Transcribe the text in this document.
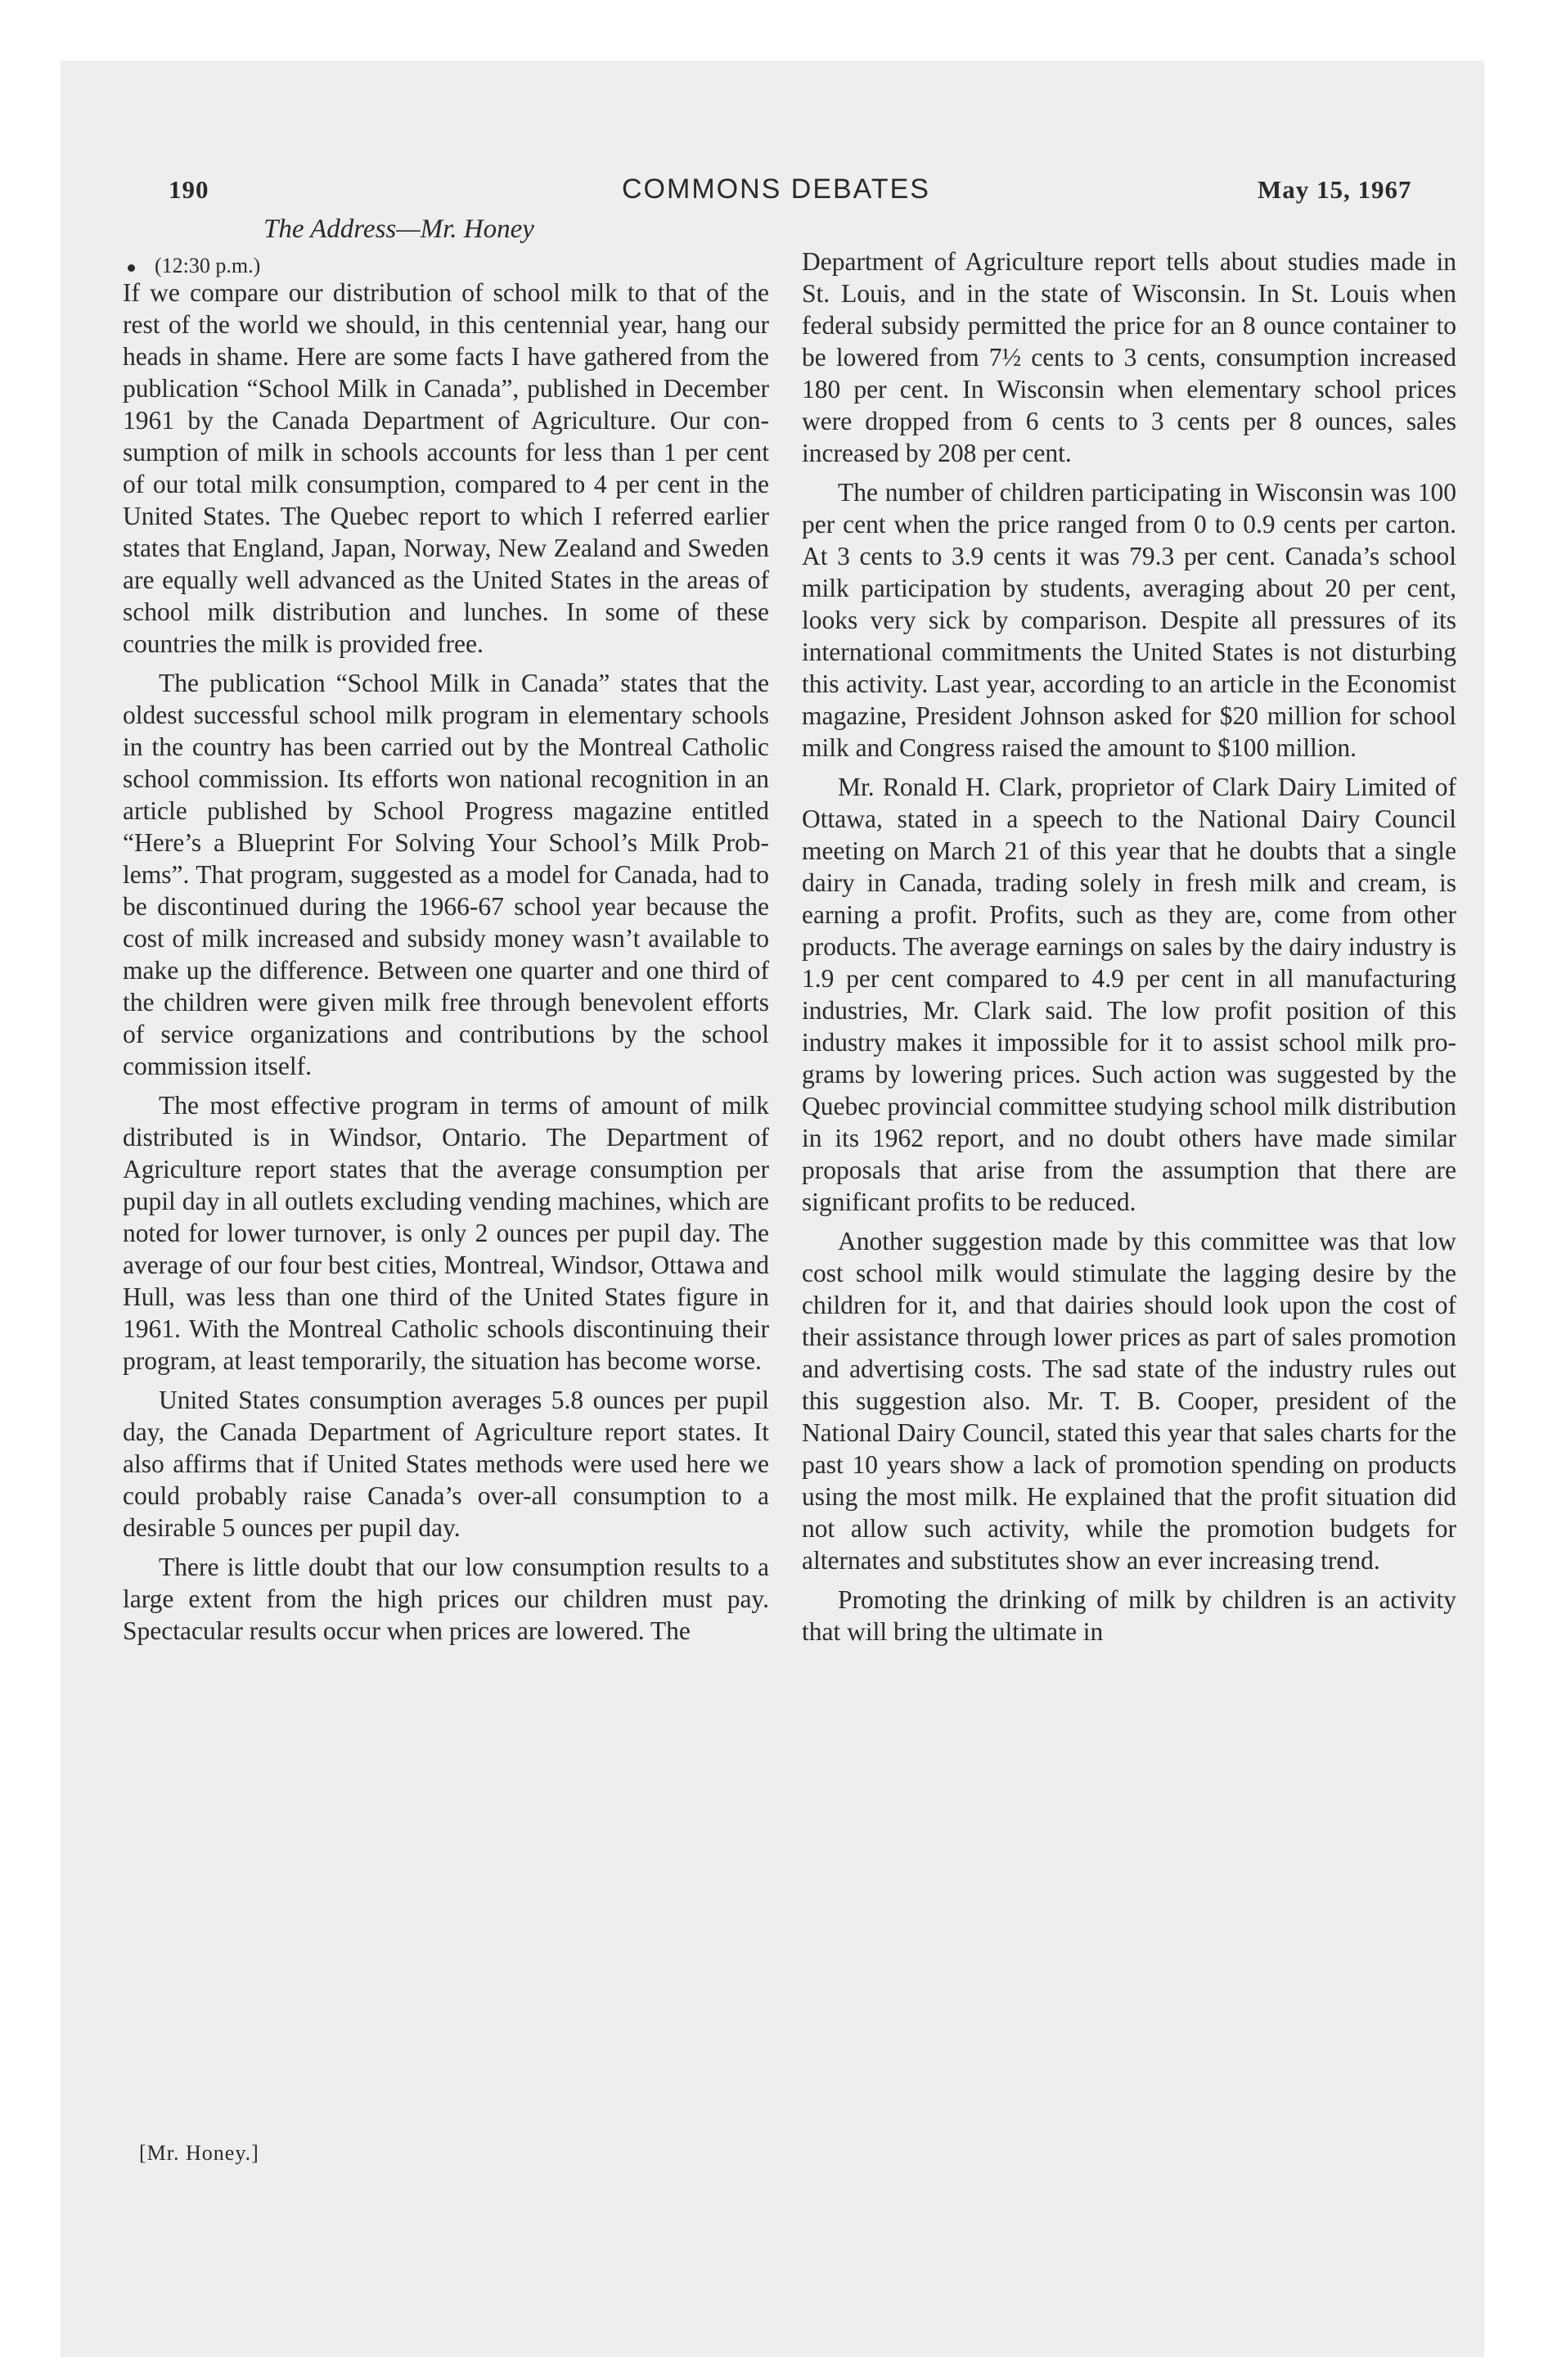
190	COMMONS DEBATES	May 15, 1967
The Address—Mr. Honey
(12:30 p.m.)

If we compare our distribution of school milk to that of the rest of the world we should, in this centennial year, hang our heads in shame. Here are some facts I have gathered from the publication “School Milk in Canada”, published in December 1961 by the Canada Department of Agriculture. Our consumption of milk in schools accounts for less than 1 per cent of our total milk consumption, compared to 4 per cent in the United States. The Quebec report to which I referred earlier states that England, Japan, Norway, New Zealand and Sweden are equally well advanced as the United States in the areas of school milk distribution and lunches. In some of these countries the milk is provided free.

The publication “School Milk in Canada” states that the oldest successful school milk program in elementary schools in the country has been carried out by the Montreal Catholic school commission. Its efforts won national recognition in an article published by School Progress magazine entitled “Here’s a Blueprint For Solving Your School’s Milk Problems”. That program, suggested as a model for Canada, had to be discontinued during the 1966-67 school year because the cost of milk increased and subsidy money wasn’t available to make up the difference. Between one quarter and one third of the children were given milk free through benevolent efforts of service organizations and contributions by the school commission itself.

The most effective program in terms of amount of milk distributed is in Windsor, Ontario. The Department of Agriculture report states that the average consumption per pupil day in all outlets excluding vending machines, which are noted for lower turnover, is only 2 ounces per pupil day. The average of our four best cities, Montreal, Windsor, Ottawa and Hull, was less than one third of the United States figure in 1961. With the Montreal Catholic schools discontinuing their program, at least temporarily, the situation has become worse.

United States consumption averages 5.8 ounces per pupil day, the Canada Department of Agriculture report states. It also affirms that if United States methods were used here we could probably raise Canada’s over-all consumption to a desirable 5 ounces per pupil day.

There is little doubt that our low consumption results to a large extent from the high prices our children must pay. Spectacular results occur when prices are lowered. The

[Mr. Honey.]

Department of Agriculture report tells about studies made in St. Louis, and in the state of Wisconsin. In St. Louis when federal subsidy permitted the price for an 8 ounce container to be lowered from 7½ cents to 3 cents, consumption increased 180 per cent. In Wisconsin when elementary school prices were dropped from 6 cents to 3 cents per 8 ounces, sales increased by 208 per cent.

The number of children participating in Wisconsin was 100 per cent when the price ranged from 0 to 0.9 cents per carton. At 3 cents to 3.9 cents it was 79.3 per cent. Canada’s school milk participation by students, averaging about 20 per cent, looks very sick by comparison. Despite all pressures of its international commitments the United States is not disturbing this activity. Last year, according to an article in the Economist magazine, President Johnson asked for $20 million for school milk and Congress raised the amount to $100 million.

Mr. Ronald H. Clark, proprietor of Clark Dairy Limited of Ottawa, stated in a speech to the National Dairy Council meeting on March 21 of this year that he doubts that a single dairy in Canada, trading solely in fresh milk and cream, is earning a profit. Profits, such as they are, come from other products. The average earnings on sales by the dairy industry is 1.9 per cent compared to 4.9 per cent in all manufacturing industries, Mr. Clark said. The low profit position of this industry makes it impossible for it to assist school milk programs by lowering prices. Such action was suggested by the Quebec provincial committee studying school milk distribution in its 1962 report, and no doubt others have made similar proposals that arise from the assumption that there are significant profits to be reduced.

Another suggestion made by this committee was that low cost school milk would stimulate the lagging desire by the children for it, and that dairies should look upon the cost of their assistance through lower prices as part of sales promotion and advertising costs. The sad state of the industry rules out this suggestion also. Mr. T. B. Cooper, president of the National Dairy Council, stated this year that sales charts for the past 10 years show a lack of promotion spending on products using the most milk. He explained that the profit situation did not allow such activity, while the promotion budgets for alternates and substitutes show an ever increasing trend.

Promoting the drinking of milk by children is an activity that will bring the ultimate in
